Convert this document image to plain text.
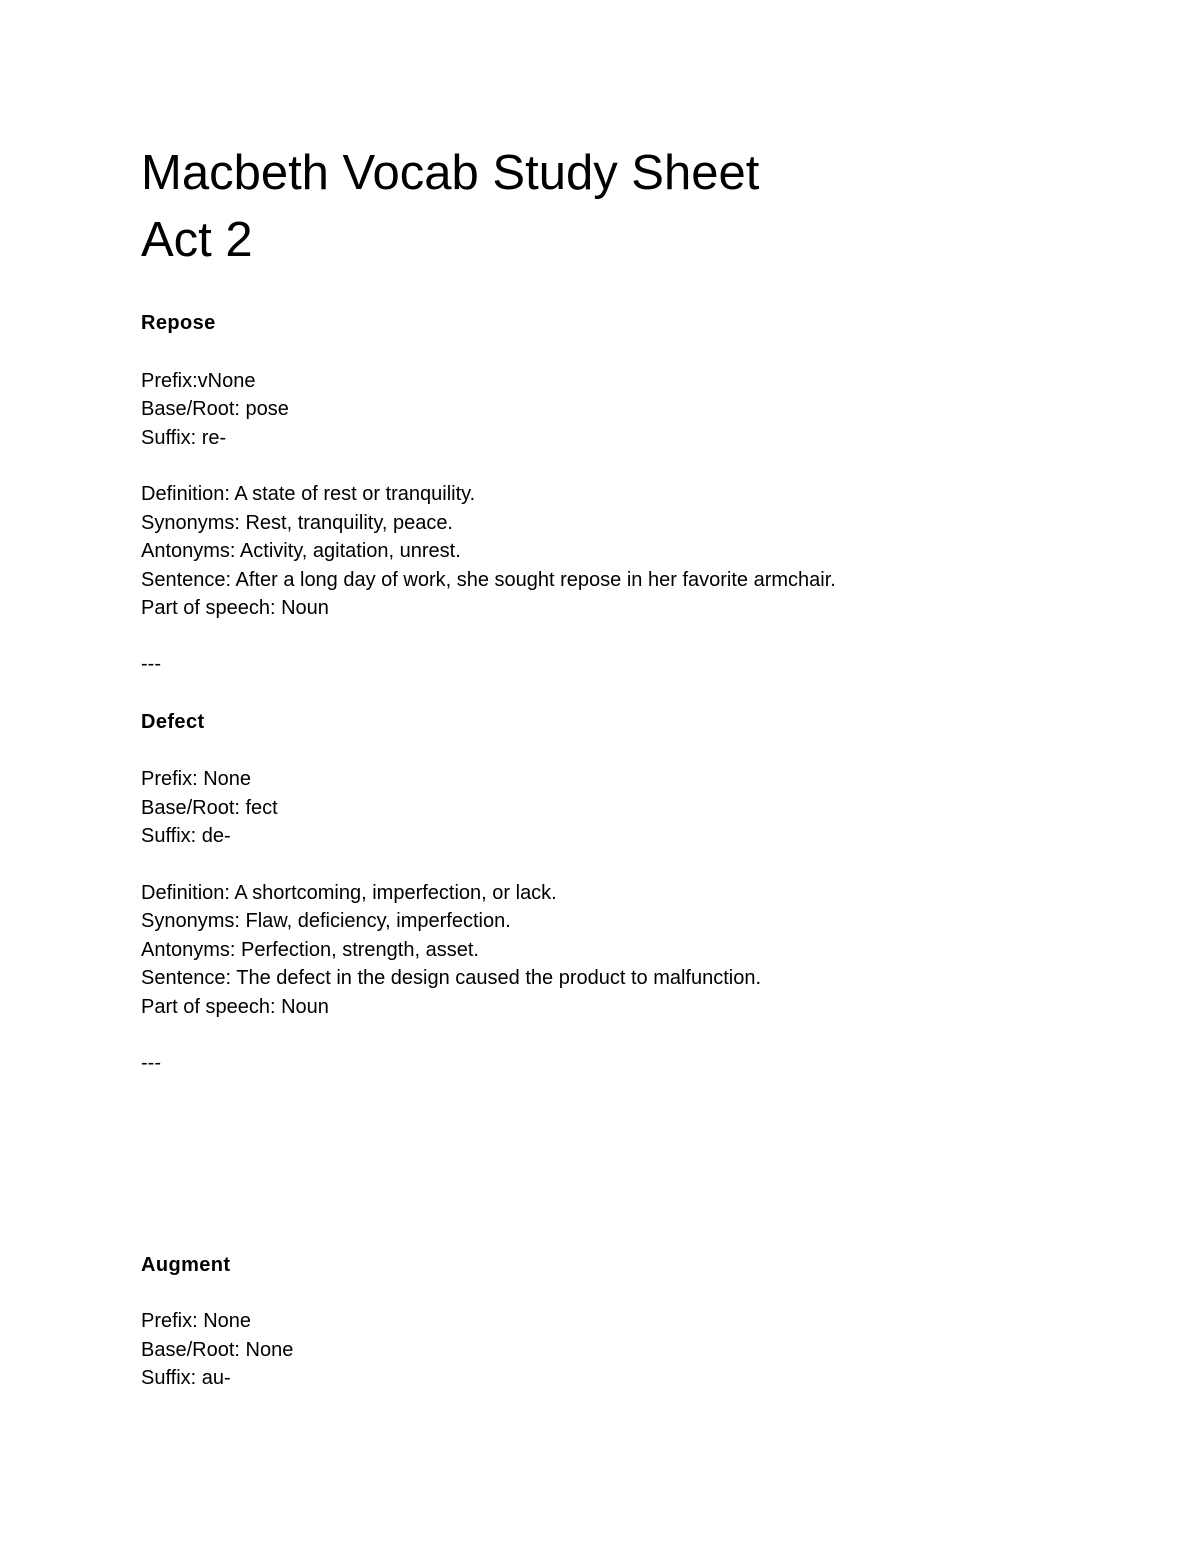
Macbeth Vocab Study Sheet
Act 2

Repose

Prefix:vNone

Base/Root: pose

Suffix: re-

Definition: A state of rest or tranquility.

Synonyms: Rest, tranquility, peace.

Antonyms: Activity, agitation, unrest.

Sentence: After a long day of work, she sought repose in her favorite armchair.

Part of speech: Noun

---

Defect

Prefix: None

Base/Root: fect

Suffix: de-

Definition: A shortcoming, imperfection, or lack.

Synonyms: Flaw, deficiency, imperfection.

Antonyms: Perfection, strength, asset.

Sentence: The defect in the design caused the product to malfunction.

Part of speech: Noun

---

Augment

Prefix: None

Base/Root: None

Suffix: au-
